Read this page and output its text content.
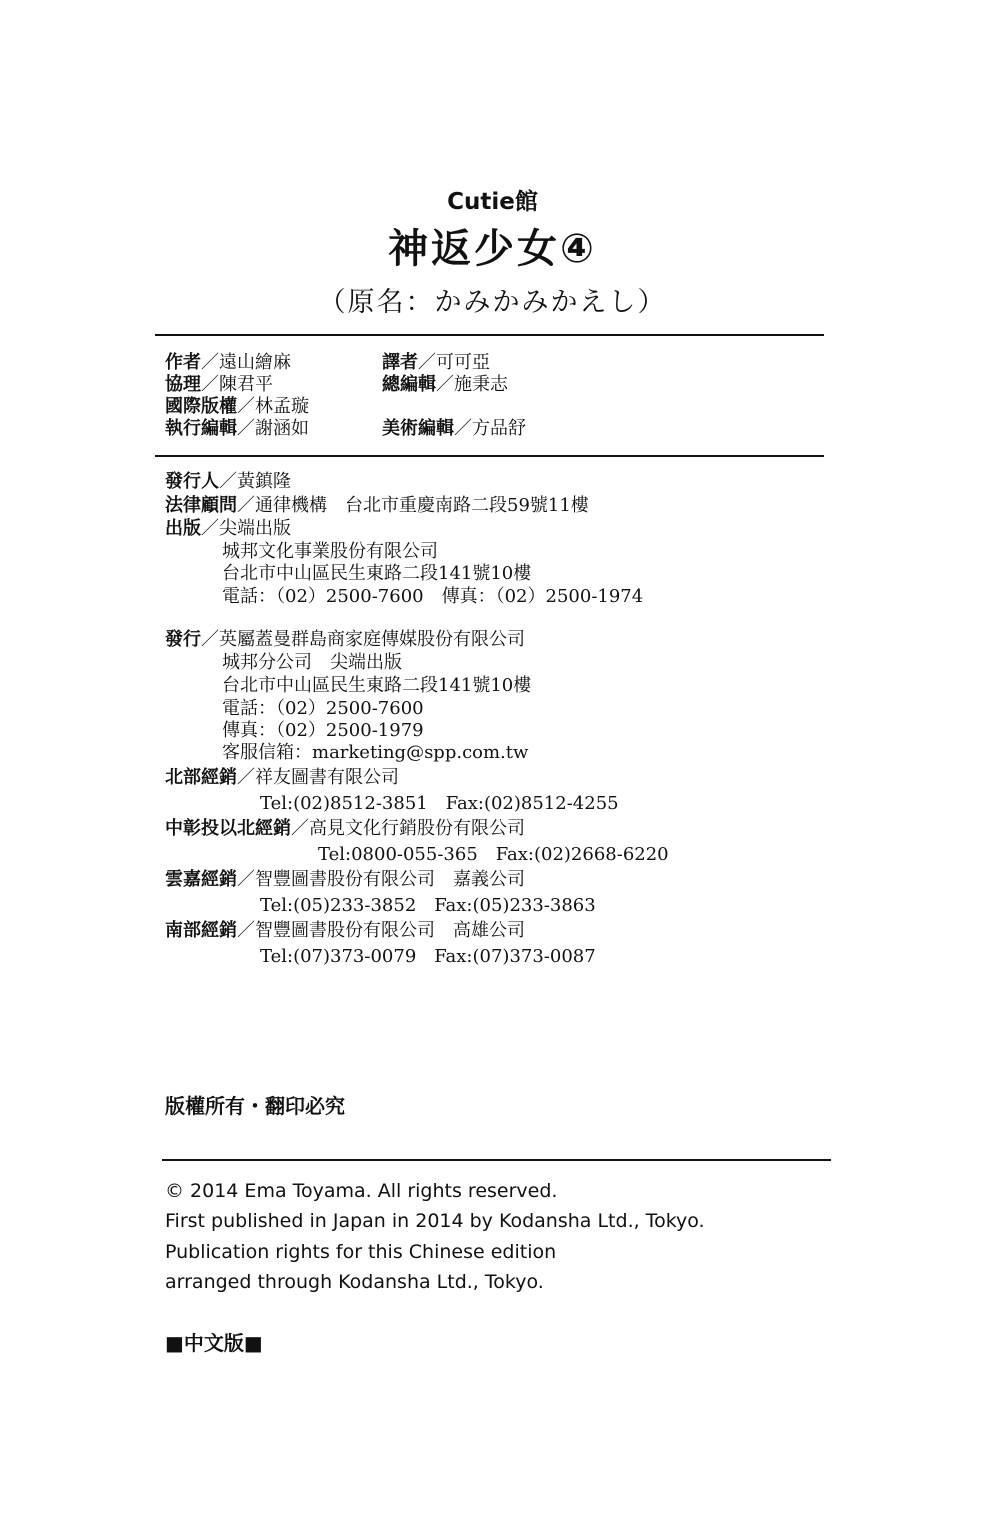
Cutie館
神返少女④
（原名：かみかみかえし）
作者／遠山繪麻	譯者／可可亞
協理／陳君平	總編輯／施秉志
國際版權／林孟璇
執行編輯／謝涵如	美術編輯／方品舒
發行人／黃鎮隆
法律顧問／通律機構　台北市重慶南路二段59號11樓
出版／尖端出版
城邦文化事業股份有限公司
台北市中山區民生東路二段141號10樓
電話：（02）2500-7600　傳真：（02）2500-1974
發行／英屬蓋曼群島商家庭傳媒股份有限公司
城邦分公司　尖端出版
台北市中山區民生東路二段141號10樓
電話：（02）2500-7600
傳真：（02）2500-1979
客服信箱：marketing@spp.com.tw
北部經銷／祥友圖書有限公司
Tel:(02)8512-3851　Fax:(02)8512-4255
中彰投以北經銷／高見文化行銷股份有限公司
Tel:0800-055-365　Fax:(02)2668-6220
雲嘉經銷／智豐圖書股份有限公司　嘉義公司
Tel:(05)233-3852　Fax:(05)233-3863
南部經銷／智豐圖書股份有限公司　高雄公司
Tel:(07)373-0079　Fax:(07)373-0087
版權所有・翻印必究
© 2014 Ema Toyama. All rights reserved.
First published in Japan in 2014 by Kodansha Ltd., Tokyo.
Publication rights for this Chinese edition
arranged through Kodansha Ltd., Tokyo.
■中文版■
